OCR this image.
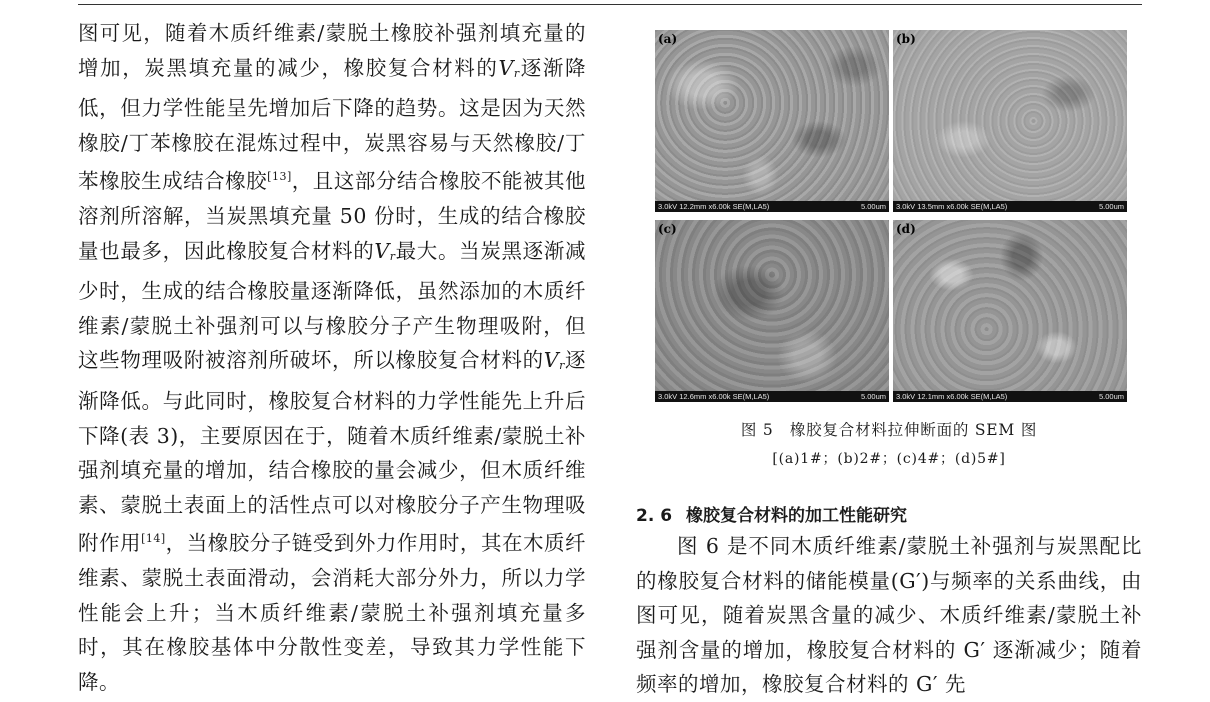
图可见，随着木质纤维素/蒙脱土橡胶补强剂填充量的增加，炭黑填充量的减少，橡胶复合材料的$V_r$逐渐降低，但力学性能呈先增加后下降的趋势。这是因为天然橡胶/丁苯橡胶在混炼过程中，炭黑容易与天然橡胶/丁苯橡胶生成结合橡胶[13]，且这部分结合橡胶不能被其他溶剂所溶解，当炭黑填充量 50 份时，生成的结合橡胶量也最多，因此橡胶复合材料的$V_r$最大。当炭黑逐渐减少时，生成的结合橡胶量逐渐降低，虽然添加的木质纤维素/蒙脱土补强剂可以与橡胶分子产生物理吸附，但这些物理吸附被溶剂所破坏，所以橡胶复合材料的$V_r$逐渐降低。与此同时，橡胶复合材料的力学性能先上升后下降(表 3)，主要原因在于，随着木质纤维素/蒙脱土补强剂填充量的增加，结合橡胶的量会减少，但木质纤维素、蒙脱土表面上的活性点可以对橡胶分子产生物理吸附作用[14]，当橡胶分子链受到外力作用时，其在木质纤维素、蒙脱土表面滑动，会消耗大部分外力，所以力学性能会上升；当木质纤维素/蒙脱土补强剂填充量多时，其在橡胶基体中分散性变差，导致其力学性能下降。

(a)
3.0kV 12.2mm x6.00k SE(M,LA5)	5.00um
(b)
3.0kV 13.5mm x6.00k SE(M,LA5)	5.00um
(c)
3.0kV 12.6mm x6.00k SE(M,LA5)	5.00um
(d)
3.0kV 12.1mm x6.00k SE(M,LA5)	5.00um
图 5　橡胶复合材料拉伸断面的 SEM 图
[(a)1#；(b)2#；(c)4#；(d)5#]
2. 6 橡胶复合材料的加工性能研究

图 6 是不同木质纤维素/蒙脱土补强剂与炭黑配比的橡胶复合材料的储能模量(G′)与频率的关系曲线，由图可见，随着炭黑含量的减少、木质纤维素/蒙脱土补强剂含量的增加，橡胶复合材料的 G′ 逐渐减少；随着频率的增加，橡胶复合材料的 G′ 先
